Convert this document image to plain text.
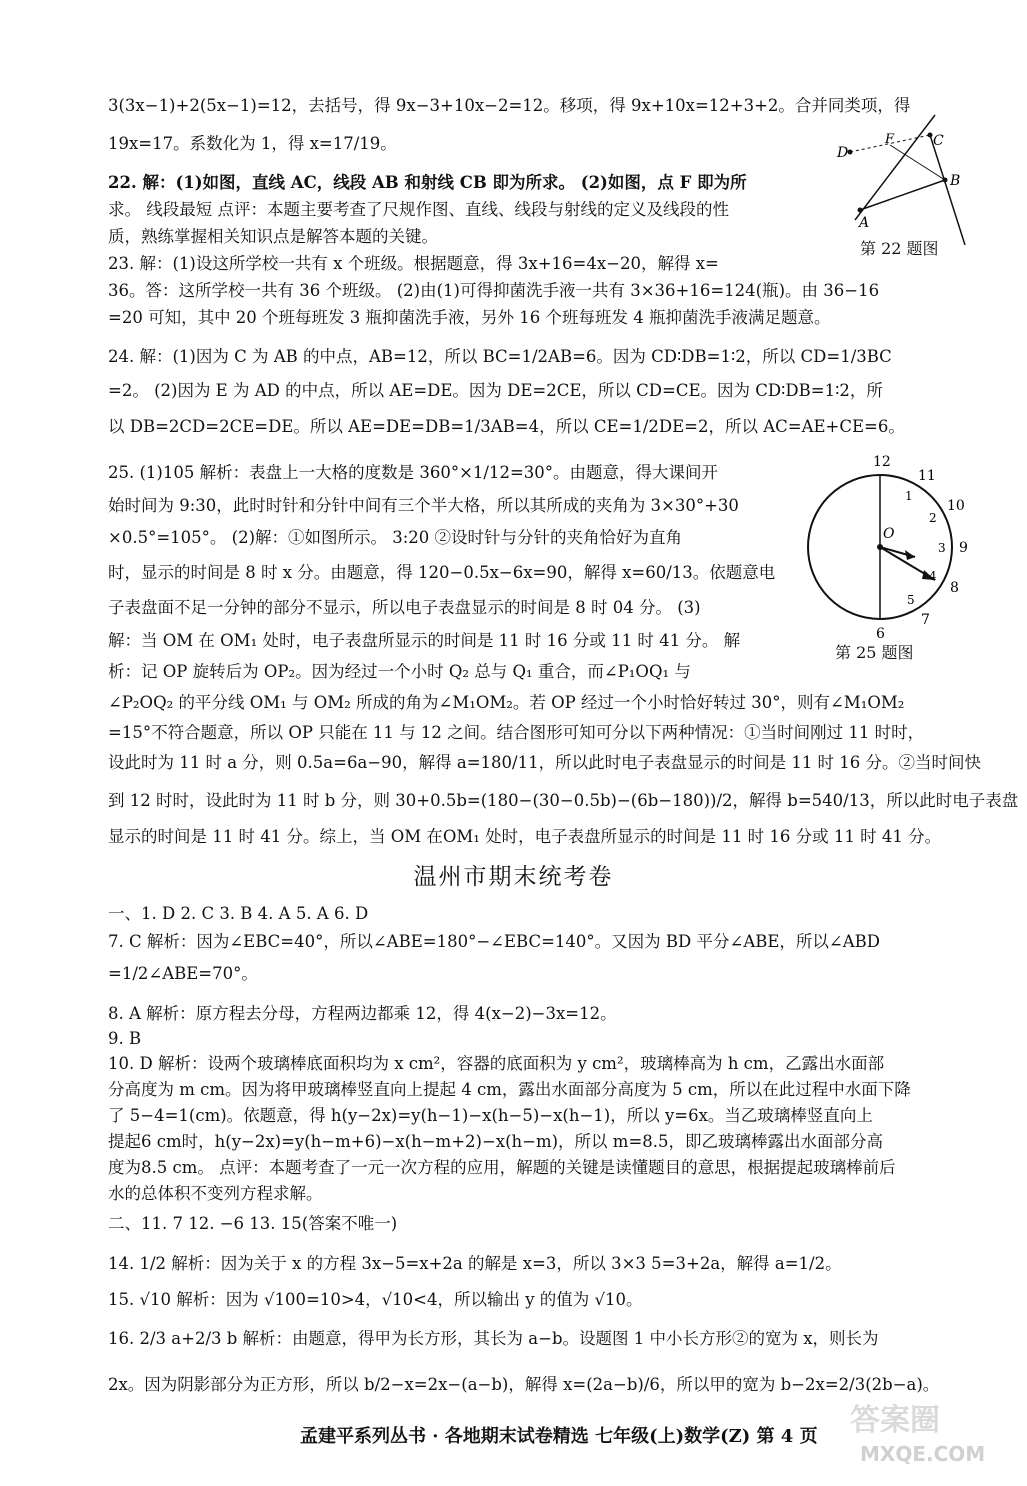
3(3x−1)+2(5x−1)=12，去括号，得 9x−3+10x−2=12。移项，得 9x+10x=12+3+2。合并同类项，得
19x=17。系数化为 1，得 x=17/19。
22. 解：(1)如图，直线 AC，线段 AB 和射线 CB 即为所求。 (2)如图，点 F 即为所
求。 线段最短 点评：本题主要考查了尺规作图、直线、线段与射线的定义及线段的性
质，熟练掌握相关知识点是解答本题的关键。
23. 解：(1)设这所学校一共有 x 个班级。根据题意，得 3x+16=4x−20，解得 x=
36。答：这所学校一共有 36 个班级。 (2)由(1)可得抑菌洗手液一共有 3×36+16=124(瓶)。由 36−16
=20 可知，其中 20 个班每班发 3 瓶抑菌洗手液，另外 16 个班每班发 4 瓶抑菌洗手液满足题意。
24. 解：(1)因为 C 为 AB 的中点，AB=12，所以 BC=1/2AB=6。因为 CD∶DB=1∶2，所以 CD=1/3BC
=2。 (2)因为 E 为 AD 的中点，所以 AE=DE。因为 DE=2CE，所以 CD=CE。因为 CD∶DB=1∶2，所
以 DB=2CD=2CE=DE。所以 AE=DE=DB=1/3AB=4，所以 CE=1/2DE=2，所以 AC=AE+CE=6。
25. (1)105 解析：表盘上一大格的度数是 360°×1/12=30°。由题意，得大课间开
始时间为 9:30，此时时针和分针中间有三个半大格，所以其所成的夹角为 3×30°+30
×0.5°=105°。 (2)解：①如图所示。 3:20 ②设时针与分针的夹角恰好为直角
时，显示的时间是 8 时 x 分。由题意，得 120−0.5x−6x=90，解得 x=60/13。依题意电
子表盘面不足一分钟的部分不显示，所以电子表盘显示的时间是 8 时 04 分。 (3)
解：当 OM 在 OM₁ 处时，电子表盘所显示的时间是 11 时 16 分或 11 时 41 分。 解
析：记 OP 旋转后为 OP₂。因为经过一个小时 Q₂ 总与 Q₁ 重合，而∠P₁OQ₁ 与
∠P₂OQ₂ 的平分线 OM₁ 与 OM₂ 所成的角为∠M₁OM₂。若 OP 经过一个小时恰好转过 30°，则有∠M₁OM₂
=15°不符合题意，所以 OP 只能在 11 与 12 之间。结合图形可知可分以下两种情况：①当时间刚过 11 时时，
设此时为 11 时 a 分，则 0.5a=6a−90，解得 a=180/11，所以此时电子表盘显示的时间是 11 时 16 分。②当时间快
到 12 时时，设此时为 11 时 b 分，则 30+0.5b=(180−(30−0.5b)−(6b−180))/2，解得 b=540/13，所以此时电子表盘
显示的时间是 11 时 41 分。综上，当 OM 在OM₁ 处时，电子表盘所显示的时间是 11 时 16 分或 11 时 41 分。
温州市期末统考卷
一、1. D 2. C 3. B 4. A 5. A 6. D
7. C 解析：因为∠EBC=40°，所以∠ABE=180°−∠EBC=140°。又因为 BD 平分∠ABE，所以∠ABD
=1/2∠ABE=70°。
8. A 解析：原方程去分母，方程两边都乘 12，得 4(x−2)−3x=12。
9. B
10. D 解析：设两个玻璃棒底面积均为 x cm²，容器的底面积为 y cm²，玻璃棒高为 h cm，乙露出水面部
分高度为 m cm。因为将甲玻璃棒竖直向上提起 4 cm，露出水面部分高度为 5 cm，所以在此过程中水面下降
了 5−4=1(cm)。依题意，得 h(y−2x)=y(h−1)−x(h−5)−x(h−1)，所以 y=6x。当乙玻璃棒竖直向上
提起6 cm时，h(y−2x)=y(h−m+6)−x(h−m+2)−x(h−m)，所以 m=8.5，即乙玻璃棒露出水面部分高
度为8.5 cm。 点评：本题考查了一元一次方程的应用，解题的关键是读懂题目的意思，根据提起玻璃棒前后
水的总体积不变列方程求解。
二、11. 7 12. −6 13. 15(答案不唯一)
14. 1/2 解析：因为关于 x 的方程 3x−5=x+2a 的解是 x=3，所以 3×3 5=3+2a，解得 a=1/2。
15. √10 解析：因为 √100=10>4，√10<4，所以输出 y 的值为 √10。
16. 2/3 a+2/3 b 解析：由题意，得甲为长方形，其长为 a−b。设题图 1 中小长方形②的宽为 x，则长为
2x。因为阴影部分为正方形，所以 b/2−x=2x−(a−b)，解得 x=(2a−b)/6，所以甲的宽为 b−2x=2/3(2b−a)。
D
F	C
B
A
第 22 题图
12
11
10
9
8
7
6
1
2
3
4
5
O
第 25 题图
孟建平系列丛书 · 各地期末试卷精选 七年级(上)数学(Z) 第 4 页 答案圈
MXQE.COM
